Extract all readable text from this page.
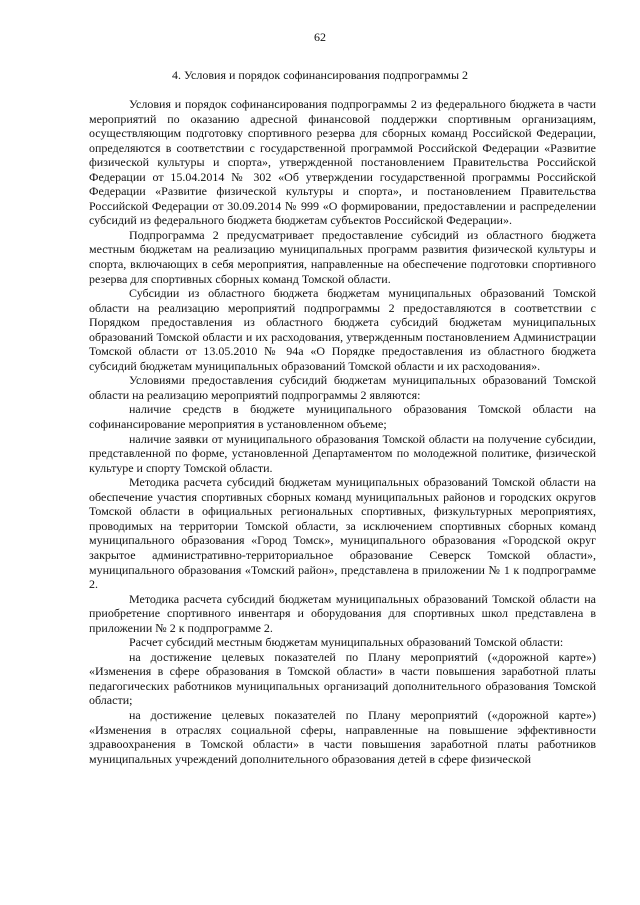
62
4. Условия и порядок софинансирования подпрограммы 2

Условия и порядок софинансирования подпрограммы 2 из федерального бюджета в части мероприятий по оказанию адресной финансовой поддержки спортивным организациям, осуществляющим подготовку спортивного резерва для сборных команд Российской Федерации, определяются в соответствии с государственной программой Российской Федерации «Развитие физической культуры и спорта», утвержденной постановлением Правительства Российской Федерации от 15.04.2014 № 302 «Об утверждении государственной программы Российской Федерации «Развитие физической культуры и спорта», и постановлением Правительства Российской Федерации от 30.09.2014 № 999 «О формировании, предоставлении и распределении субсидий из федерального бюджета бюджетам субъектов Российской Федерации».

Подпрограмма 2 предусматривает предоставление субсидий из областного бюджета местным бюджетам на реализацию муниципальных программ развития физической культуры и спорта, включающих в себя мероприятия, направленные на обеспечение подготовки спортивного резерва для спортивных сборных команд Томской области.

Субсидии из областного бюджета бюджетам муниципальных образований Томской области на реализацию мероприятий подпрограммы 2 предоставляются в соответствии с Порядком предоставления из областного бюджета субсидий бюджетам муниципальных образований Томской области и их расходования, утвержденным постановлением Администрации Томской области от 13.05.2010 № 94а «О Порядке предоставления из областного бюджета субсидий бюджетам муниципальных образований Томской области и их расходования».

Условиями предоставления субсидий бюджетам муниципальных образований Томской области на реализацию мероприятий подпрограммы 2 являются:

наличие средств в бюджете муниципального образования Томской области на софинансирование мероприятия в установленном объеме;

наличие заявки от муниципального образования Томской области на получение субсидии, представленной по форме, установленной Департаментом по молодежной политике, физической культуре и спорту Томской области.

Методика расчета субсидий бюджетам муниципальных образований Томской области на обеспечение участия спортивных сборных команд муниципальных районов и городских округов Томской области в официальных региональных спортивных, физкультурных мероприятиях, проводимых на территории Томской области, за исключением спортивных сборных команд муниципального образования «Город Томск», муниципального образования «Городской округ закрытое административно-территориальное образование Северск Томской области», муниципального образования «Томский район», представлена в приложении № 1 к подпрограмме 2.

Методика расчета субсидий бюджетам муниципальных образований Томской области на приобретение спортивного инвентаря и оборудования для спортивных школ представлена в приложении № 2 к подпрограмме 2.

Расчет субсидий местным бюджетам муниципальных образований Томской области:

на достижение целевых показателей по Плану мероприятий («дорожной карте») «Изменения в сфере образования в Томской области» в части повышения заработной платы педагогических работников муниципальных организаций дополнительного образования Томской области;

на достижение целевых показателей по Плану мероприятий («дорожной карте») «Изменения в отраслях социальной сферы, направленные на повышение эффективности здравоохранения в Томской области» в части повышения заработной платы работников муниципальных учреждений дополнительного образования детей в сфере физической
